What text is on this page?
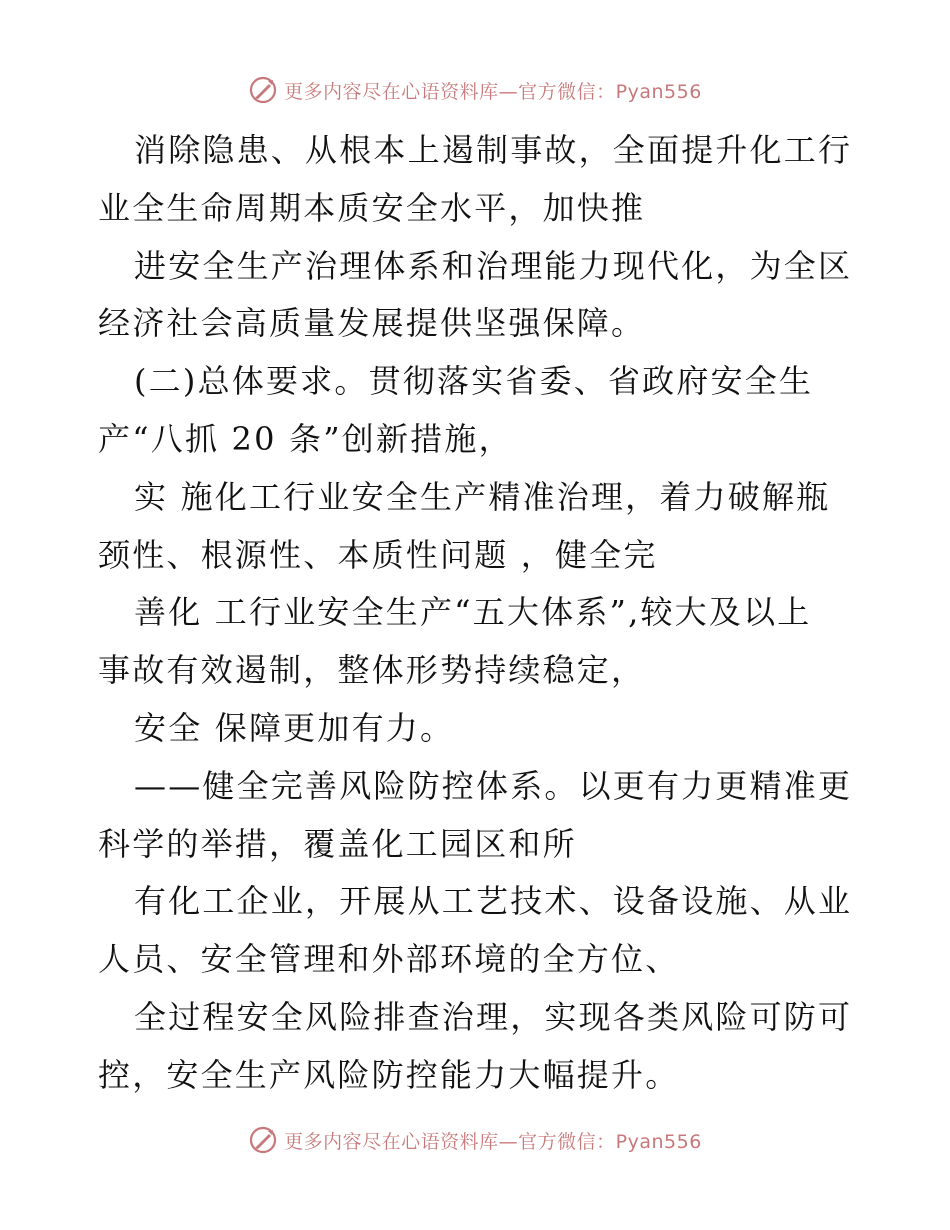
更多内容尽在心语资料库—官方微信：Pyan556
消除隐患、从根本上遏制事故，全面提升化工行
业全生命周期本质安全水平，加快推
进安全生产治理体系和治理能力现代化，为全区
经济社会高质量发展提供坚强保障。
(二)总体要求。贯彻落实省委、省政府安全生
产“八抓 20 条”创新措施，
实 施化工行业安全生产精准治理，着力破解瓶
颈性、根源性、本质性问题 ，健全完
善化 工行业安全生产“五大体系”,较大及以上
事故有效遏制，整体形势持续稳定，
安全 保障更加有力。
——健全完善风险防控体系。以更有力更精准更
科学的举措，覆盖化工园区和所
有化工企业，开展从工艺技术、设备设施、从业
人员、安全管理和外部环境的全方位、
全过程安全风险排查治理，实现各类风险可防可
控，安全生产风险防控能力大幅提升。
更多内容尽在心语资料库—官方微信：Pyan556
